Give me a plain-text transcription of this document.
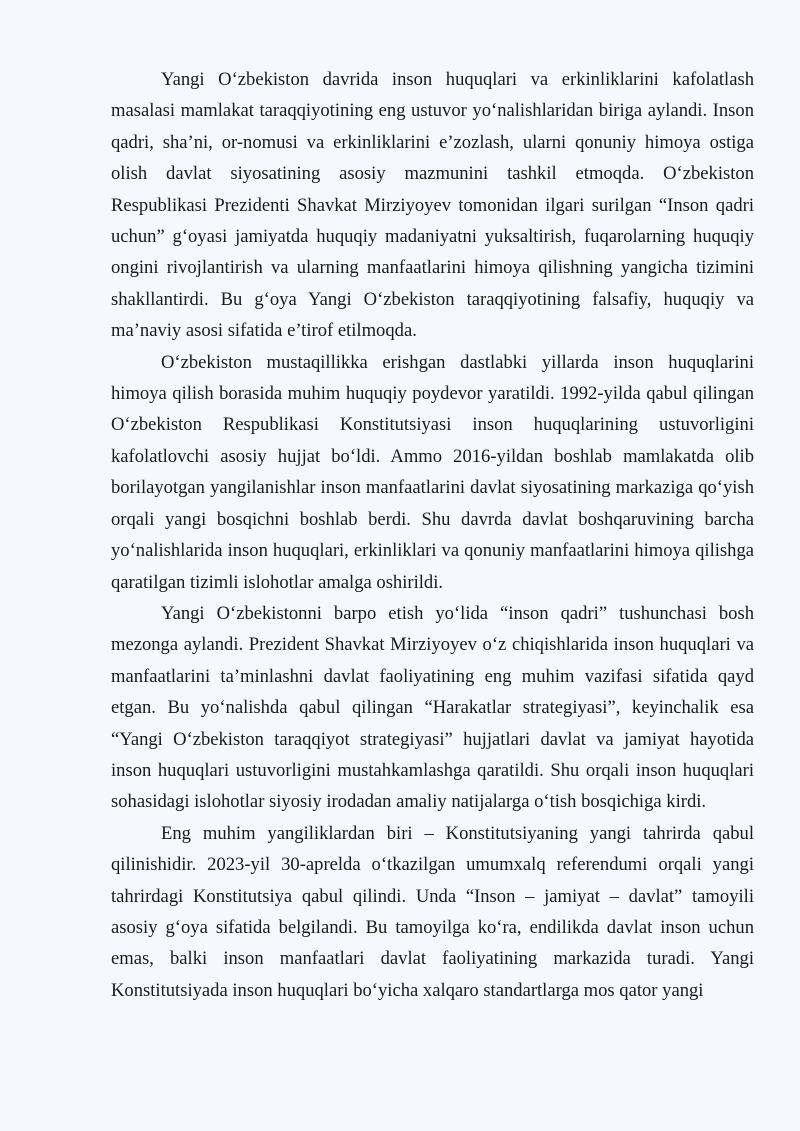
Yangi O‘zbekiston davrida inson huquqlari va erkinliklarini kafolatlash masalasi mamlakat taraqqiyotining eng ustuvor yo‘nalishlaridan biriga aylandi. Inson qadri, sha’ni, or-nomusi va erkinliklarini e’zozlash, ularni qonuniy himoya ostiga olish davlat siyosatining asosiy mazmunini tashkil etmoqda. O‘zbekiston Respublikasi Prezidenti Shavkat Mirziyoyev tomonidan ilgari surilgan “Inson qadri uchun” g‘oyasi jamiyatda huquqiy madaniyatni yuksaltirish, fuqarolarning huquqiy ongini rivojlantirish va ularning manfaatlarini himoya qilishning yangicha tizimini shakllantirdi. Bu g‘oya Yangi O‘zbekiston taraqqiyotining falsafiy, huquqiy va ma’naviy asosi sifatida e’tirof etilmoqda.

O‘zbekiston mustaqillikka erishgan dastlabki yillarda inson huquqlarini himoya qilish borasida muhim huquqiy poydevor yaratildi. 1992-yilda qabul qilingan O‘zbekiston Respublikasi Konstitutsiyasi inson huquqlarining ustuvorligini kafolatlovchi asosiy hujjat bo‘ldi. Ammo 2016-yildan boshlab mamlakatda olib borilayotgan yangilanishlar inson manfaatlarini davlat siyosatining markaziga qo‘yish orqali yangi bosqichni boshlab berdi. Shu davrda davlat boshqaruvining barcha yo‘nalishlarida inson huquqlari, erkinliklari va qonuniy manfaatlarini himoya qilishga qaratilgan tizimli islohotlar amalga oshirildi.

Yangi O‘zbekistonni barpo etish yo‘lida “inson qadri” tushunchasi bosh mezonga aylandi. Prezident Shavkat Mirziyoyev o‘z chiqishlarida inson huquqlari va manfaatlarini ta’minlashni davlat faoliyatining eng muhim vazifasi sifatida qayd etgan. Bu yo‘nalishda qabul qilingan “Harakatlar strategiyasi”, keyinchalik esa “Yangi O‘zbekiston taraqqiyot strategiyasi” hujjatlari davlat va jamiyat hayotida inson huquqlari ustuvorligini mustahkamlashga qaratildi. Shu orqali inson huquqlari sohasidagi islohotlar siyosiy irodadan amaliy natijalarga o‘tish bosqichiga kirdi.

Eng muhim yangiliklardan biri – Konstitutsiyaning yangi tahrirda qabul qilinishidir. 2023-yil 30-aprelda o‘tkazilgan umumxalq referendumi orqali yangi tahrirdagi Konstitutsiya qabul qilindi. Unda “Inson – jamiyat – davlat” tamoyili asosiy g‘oya sifatida belgilandi. Bu tamoyilga ko‘ra, endilikda davlat inson uchun emas, balki inson manfaatlari davlat faoliyatining markazida turadi. Yangi Konstitutsiyada inson huquqlari bo‘yicha xalqaro standartlarga mos qator yangi
